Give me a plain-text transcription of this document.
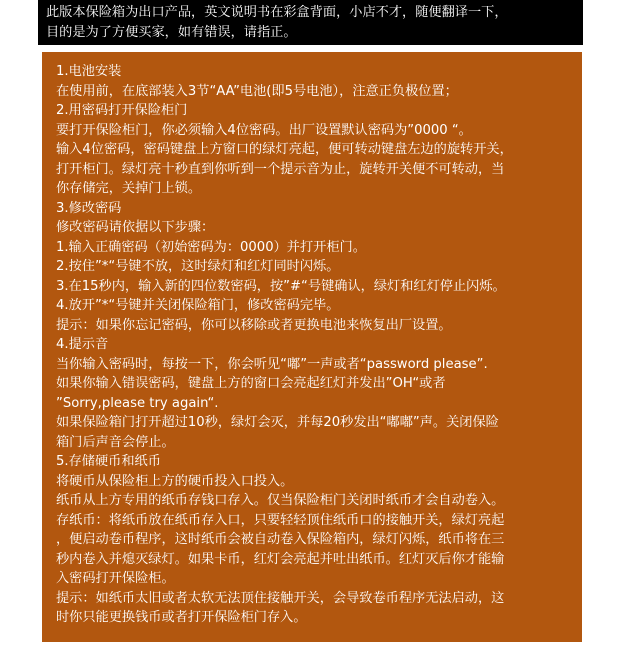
此版本保险箱为出口产品，英文说明书在彩盒背面，小店不才，随便翻译一下，
目的是为了方便买家，如有错误，请指正。
1.电池安装
在使用前，在底部装入3节“AA”电池(即5号电池），注意正负极位置；
2.用密码打开保险柜门
要打开保险柜门，你必须输入4位密码。出厂设置默认密码为”0000 “。
输入4位密码，密码键盘上方窗口的绿灯亮起，便可转动键盘左边的旋转开关，
打开柜门。绿灯亮十秒直到你听到一个提示音为止，旋转开关便不可转动，当
你存储完，关掉门上锁。
3.修改密码
修改密码请依据以下步骤：
1.输入正确密码（初始密码为：0000）并打开柜门。
2.按住”*“号键不放，这时绿灯和红灯同时闪烁。
3.在15秒内，输入新的四位数密码，按”#“号键确认，绿灯和红灯停止闪烁。
4.放开”*“号键并关闭保险箱门，修改密码完毕。
提示：如果你忘记密码，你可以移除或者更换电池来恢复出厂设置。
4.提示音
当你输入密码时，每按一下，你会听见“嘟”一声或者“password please”.
如果你输入错误密码，键盘上方的窗口会亮起红灯并发出”OH“或者
”Sorry,please try again“.
如果保险箱门打开超过10秒，绿灯会灭，并每20秒发出“嘟嘟”声。关闭保险
箱门后声音会停止。
5.存储硬币和纸币
将硬币从保险柜上方的硬币投入口投入。
纸币从上方专用的纸币存钱口存入。仅当保险柜门关闭时纸币才会自动卷入。
存纸币：将纸币放在纸币存入口，只要轻轻顶住纸币口的接触开关，绿灯亮起
，便启动卷币程序，这时纸币会被自动卷入保险箱内，绿灯闪烁，纸币将在三
秒内卷入并熄灭绿灯。如果卡币，红灯会亮起并吐出纸币。红灯灭后你才能输
入密码打开保险柜。
提示：如纸币太旧或者太软无法顶住接触开关，会导致卷币程序无法启动，这
时你只能更换钱币或者打开保险柜门存入。
